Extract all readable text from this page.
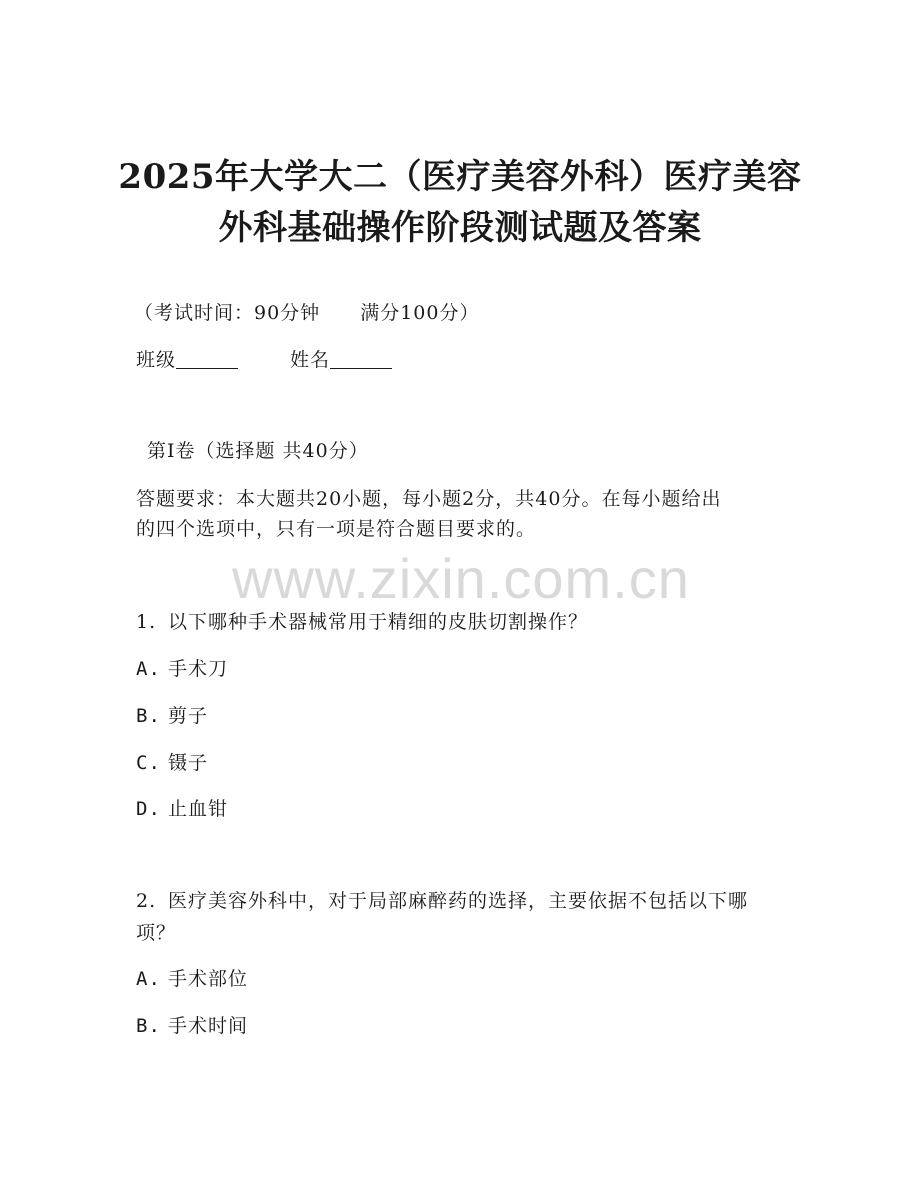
2025年大学大二（医疗美容外科）医疗美容
外科基础操作阶段测试题及答案
（考试时间：90分钟 满分100分）
班级	姓名
第I卷（选择题 共40分）
答题要求：本大题共20小题，每小题2分，共40分。在每小题给出
的四个选项中，只有一项是符合题目要求的。
www.zixin.com.cn
1. 以下哪种手术器械常用于精细的皮肤切割操作？
A. 手术刀
B. 剪子
C. 镊子
D. 止血钳
2. 医疗美容外科中，对于局部麻醉药的选择，主要依据不包括以下哪
项？
A. 手术部位
B. 手术时间
